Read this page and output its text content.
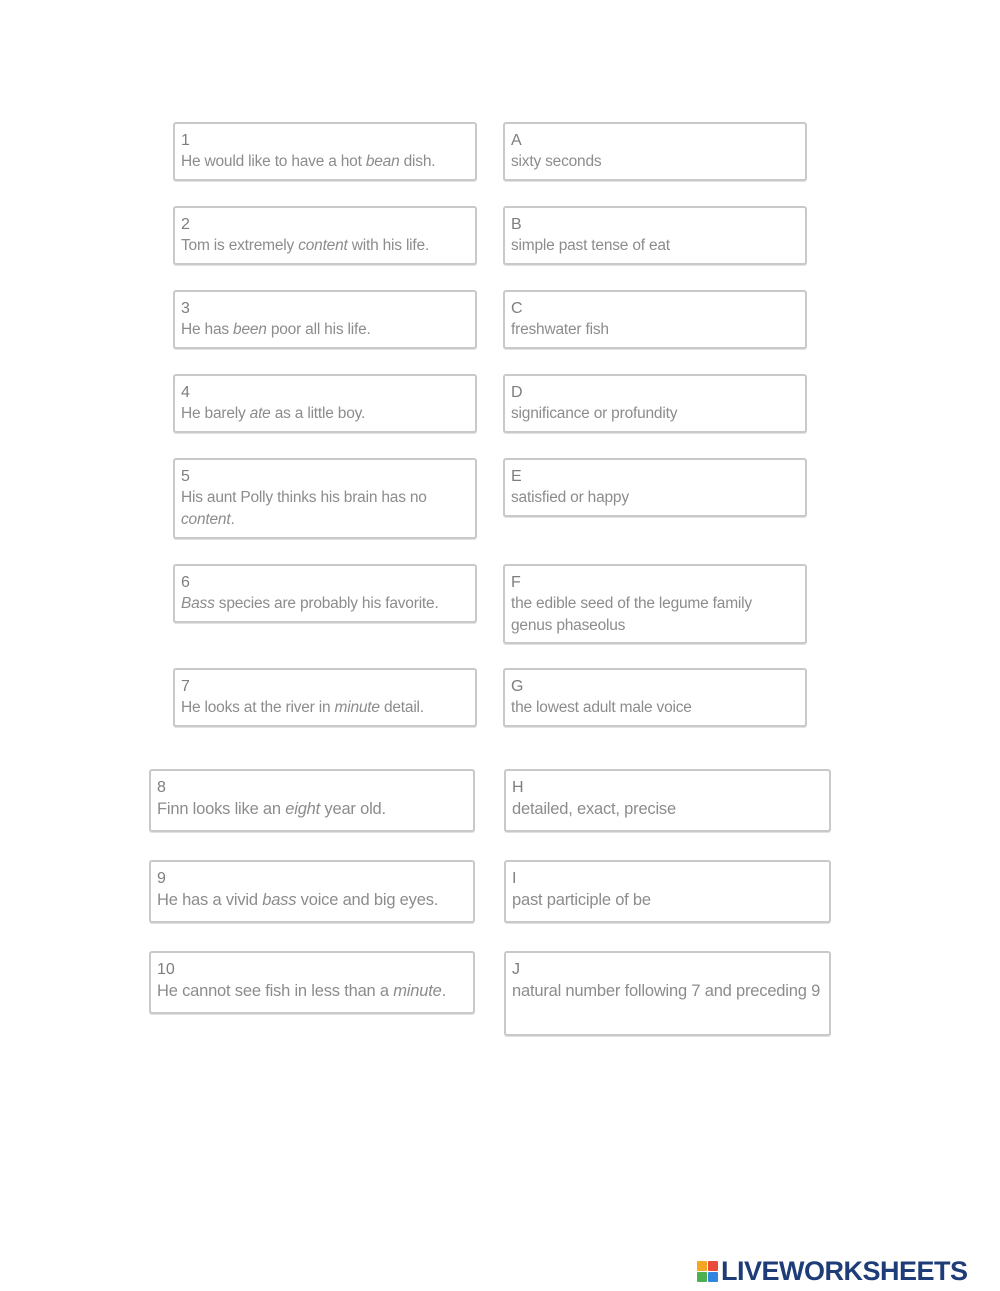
1
He would like to have a hot bean dish.
2
Tom is extremely content with his life.
3
He has been poor all his life.
4
He barely ate as a little boy.
5
His aunt Polly thinks his brain has no content.
6
Bass species are probably his favorite.
7
He looks at the river in minute detail.
8
Finn looks like an eight year old.
9
He has a vivid bass voice and big eyes.
10
He cannot see fish in less than a minute.
A
sixty seconds
B
simple past tense of eat
C
freshwater fish
D
significance or profundity
E
satisfied or happy
F
the edible seed of the legume family genus phaseolus
G
the lowest adult male voice
H
detailed, exact, precise
I
past participle of be
J
natural number following 7 and preceding 9
LIVEWORKSHEETS
